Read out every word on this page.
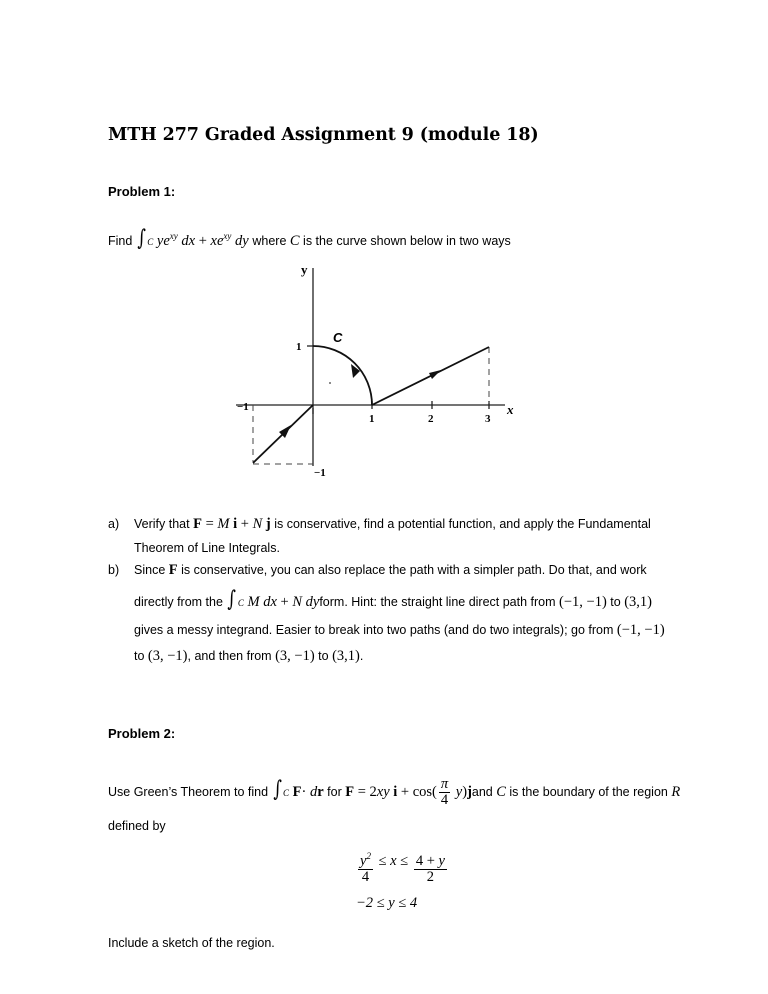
MTH 277 Graded Assignment 9 (module 18)
Problem 1:
Find
$\int_C$ $ye^{xy}$ dx + $xe^{xy}$ dy where
C
is the curve shown below in two ways
y
x
C
1
1	2	3
−1
−1
a)	Verify that
F = M i + N j
is conservative, find a potential function, and apply the Fundamental
Theorem of Line Integrals.
b)	Since
F
is conservative, you can also replace the path with a simpler path. Do that, and work
directly from the
$\int_C$ M dx + N dy form. Hint: the straight line direct path from
(−1, −1)
to
(3,1)
gives a messy integrand. Easier to break into two paths (and do two integrals); go from
(−1, −1)
to
(3, −1) , and then from
(3, −1)
to
(3,1) .
Problem 2:
Use Green’s Theorem to find
$\int_C$ F· dr
for
F = 2xy $i + \cos( \frac{\pi}{4} y)j$ and
C
is the boundary of the region
R
defined by
$\frac{y^2}{4} \le x \le \frac{4 + y}{2}$
−2 ≤ y ≤ 4
Include a sketch of the region.
